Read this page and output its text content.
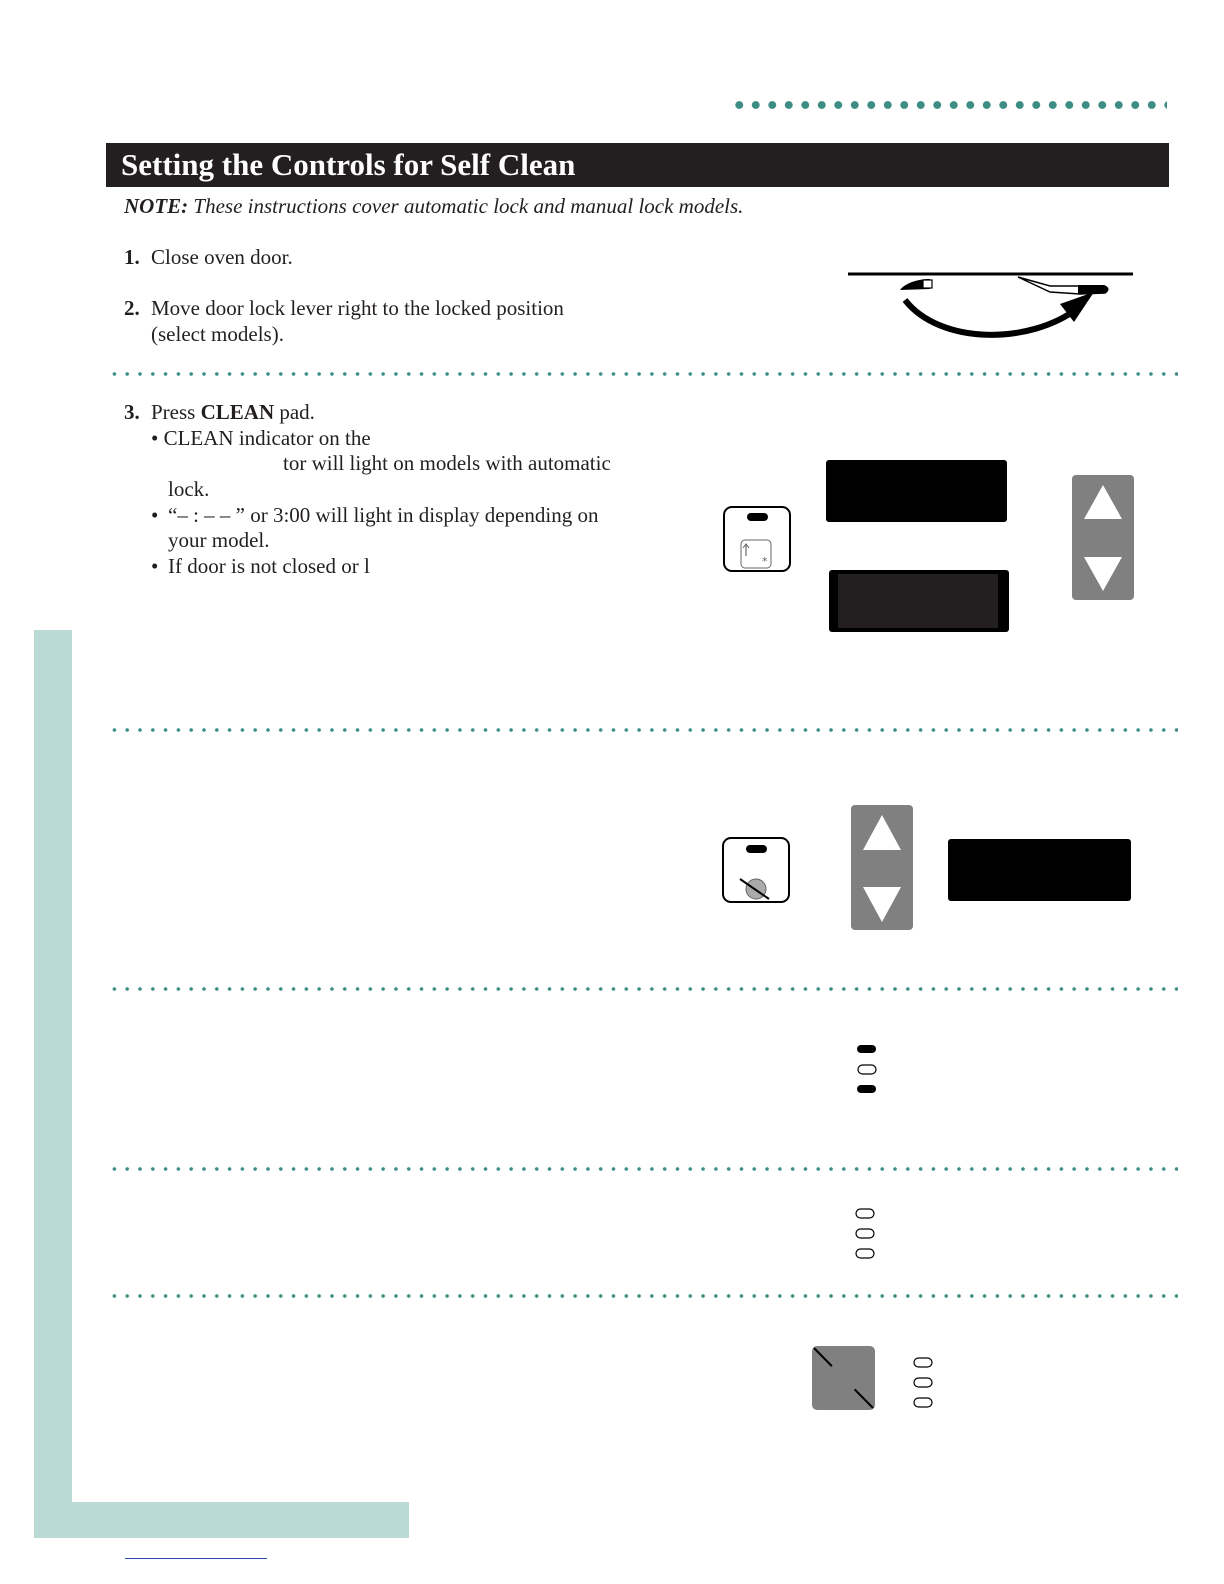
Setting the Controls for Self Clean
NOTE: These instructions cover automatic lock and manual lock models.
1. Close oven door.
2. Move door lock lever right to the locked position
(select models).
3. Press CLEAN pad.
• CLEAN indicator on the
tor will light on models with automatic
lock.
• “– : – – ” or 3:00 will light in display depending on
your model.
• If door is not closed or l	*
